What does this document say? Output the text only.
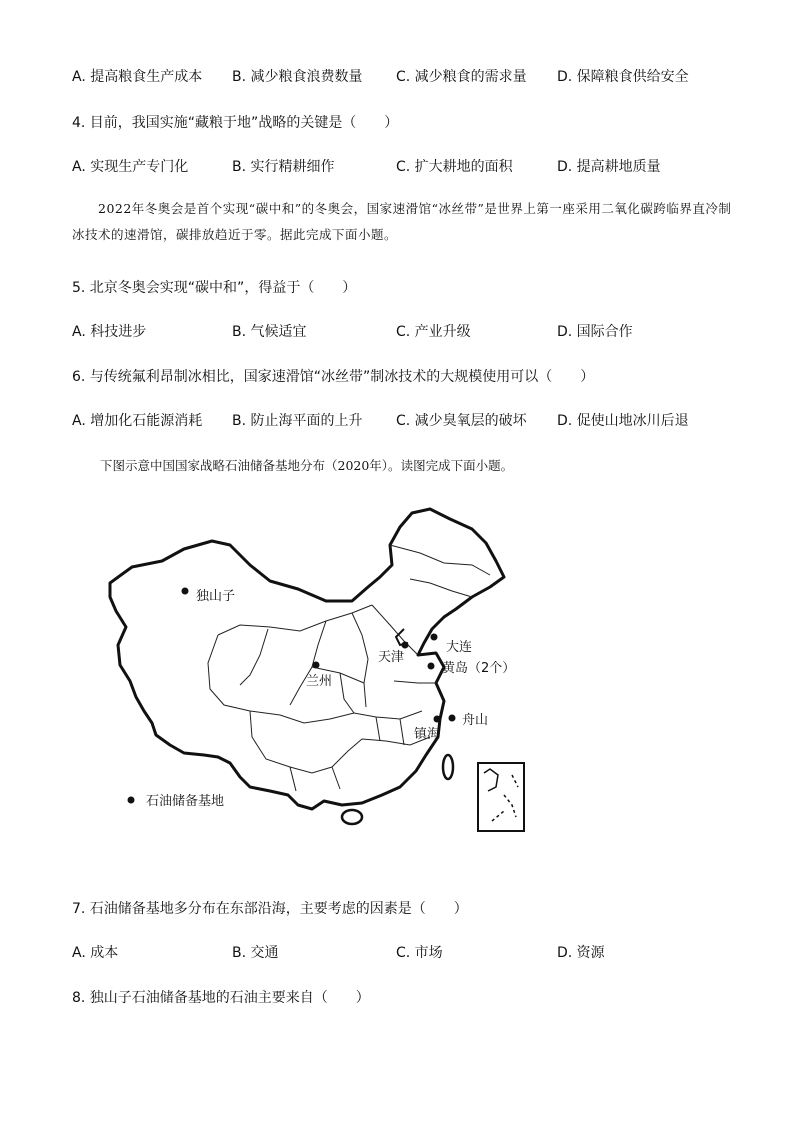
A. 提高粮食生产成本 B. 减少粮食浪费数量 C. 减少粮食的需求量 D. 保障粮食供给安全
4. 目前，我国实施“藏粮于地”战略的关键是（　　）
A. 实现生产专门化	B. 实行精耕细作	C. 扩大耕地的面积	D. 提高耕地质量
2022年冬奥会是首个实现“碳中和”的冬奥会，国家速滑馆“冰丝带”是世界上第一座采用二氧化碳跨临界直冷制冰技术的速滑馆，碳排放趋近于零。据此完成下面小题。
5. 北京冬奥会实现“碳中和”，得益于（　　）
A. 科技进步	B. 气候适宜	C. 产业升级	D. 国际合作
6. 与传统氟利昂制冰相比，国家速滑馆“冰丝带”制冰技术的大规模使用可以（　　）
A. 增加化石能源消耗 B. 防止海平面的上升 C. 减少臭氧层的破坏 D. 促使山地冰川后退
下图示意中国国家战略石油储备基地分布（2020年）。读图完成下面小题。
独山子
兰州
天津
大连
黄岛（2个）
舟山
镇海
石油储备基地
7. 石油储备基地多分布在东部沿海，主要考虑的因素是（　　）
A. 成本	B. 交通	C. 市场	D. 资源
8. 独山子石油储备基地的石油主要来自（　　）
